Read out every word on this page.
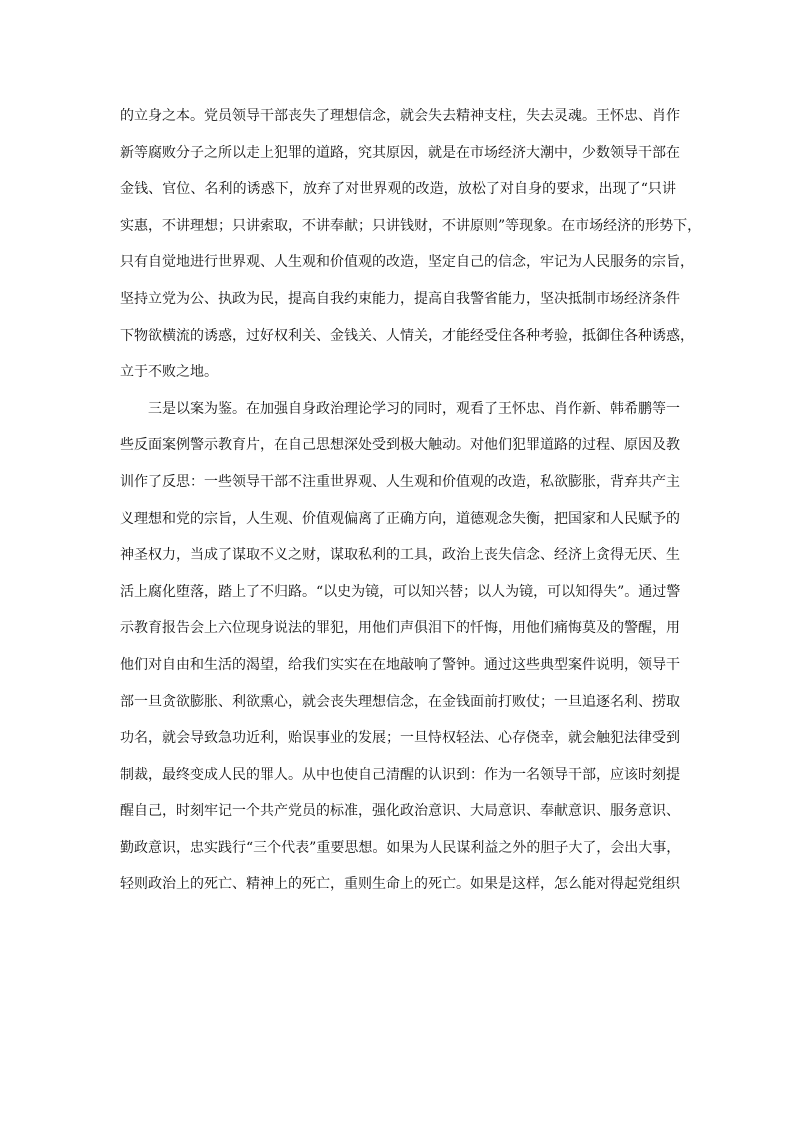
的立身之本。党员领导干部丧失了理想信念，就会失去精神支柱，失去灵魂。王怀忠、肖作
新等腐败分子之所以走上犯罪的道路，究其原因，就是在市场经济大潮中，少数领导干部在
金钱、官位、名利的诱惑下，放弃了对世界观的改造，放松了对自身的要求，出现了“只讲
实惠，不讲理想；只讲索取，不讲奉献；只讲钱财，不讲原则”等现象。在市场经济的形势下，
只有自觉地进行世界观、人生观和价值观的改造，坚定自己的信念，牢记为人民服务的宗旨，
坚持立党为公、执政为民，提高自我约束能力，提高自我警省能力，坚决抵制市场经济条件
下物欲横流的诱惑，过好权利关、金钱关、人情关，才能经受住各种考验，抵御住各种诱惑，
立于不败之地。
三是以案为鉴。在加强自身政治理论学习的同时，观看了王怀忠、肖作新、韩希鹏等一
些反面案例警示教育片，在自己思想深处受到极大触动。对他们犯罪道路的过程、原因及教
训作了反思：一些领导干部不注重世界观、人生观和价值观的改造，私欲膨胀，背弃共产主
义理想和党的宗旨，人生观、价值观偏离了正确方向，道德观念失衡，把国家和人民赋予的
神圣权力，当成了谋取不义之财，谋取私利的工具，政治上丧失信念、经济上贪得无厌、生
活上腐化堕落，踏上了不归路。“以史为镜，可以知兴替；以人为镜，可以知得失”。通过警
示教育报告会上六位现身说法的罪犯，用他们声俱泪下的忏悔，用他们痛悔莫及的警醒，用
他们对自由和生活的渴望，给我们实实在在地敲响了警钟。通过这些典型案件说明，领导干
部一旦贪欲膨胀、利欲熏心，就会丧失理想信念，在金钱面前打败仗；一旦追逐名利、捞取
功名，就会导致急功近利，贻误事业的发展；一旦恃权轻法、心存侥幸，就会触犯法律受到
制裁，最终变成人民的罪人。从中也使自己清醒的认识到：作为一名领导干部，应该时刻提
醒自己，时刻牢记一个共产党员的标准，强化政治意识、大局意识、奉献意识、服务意识、
勤政意识，忠实践行“三个代表”重要思想。如果为人民谋利益之外的胆子大了，会出大事，
轻则政治上的死亡、精神上的死亡，重则生命上的死亡。如果是这样，怎么能对得起党组织
